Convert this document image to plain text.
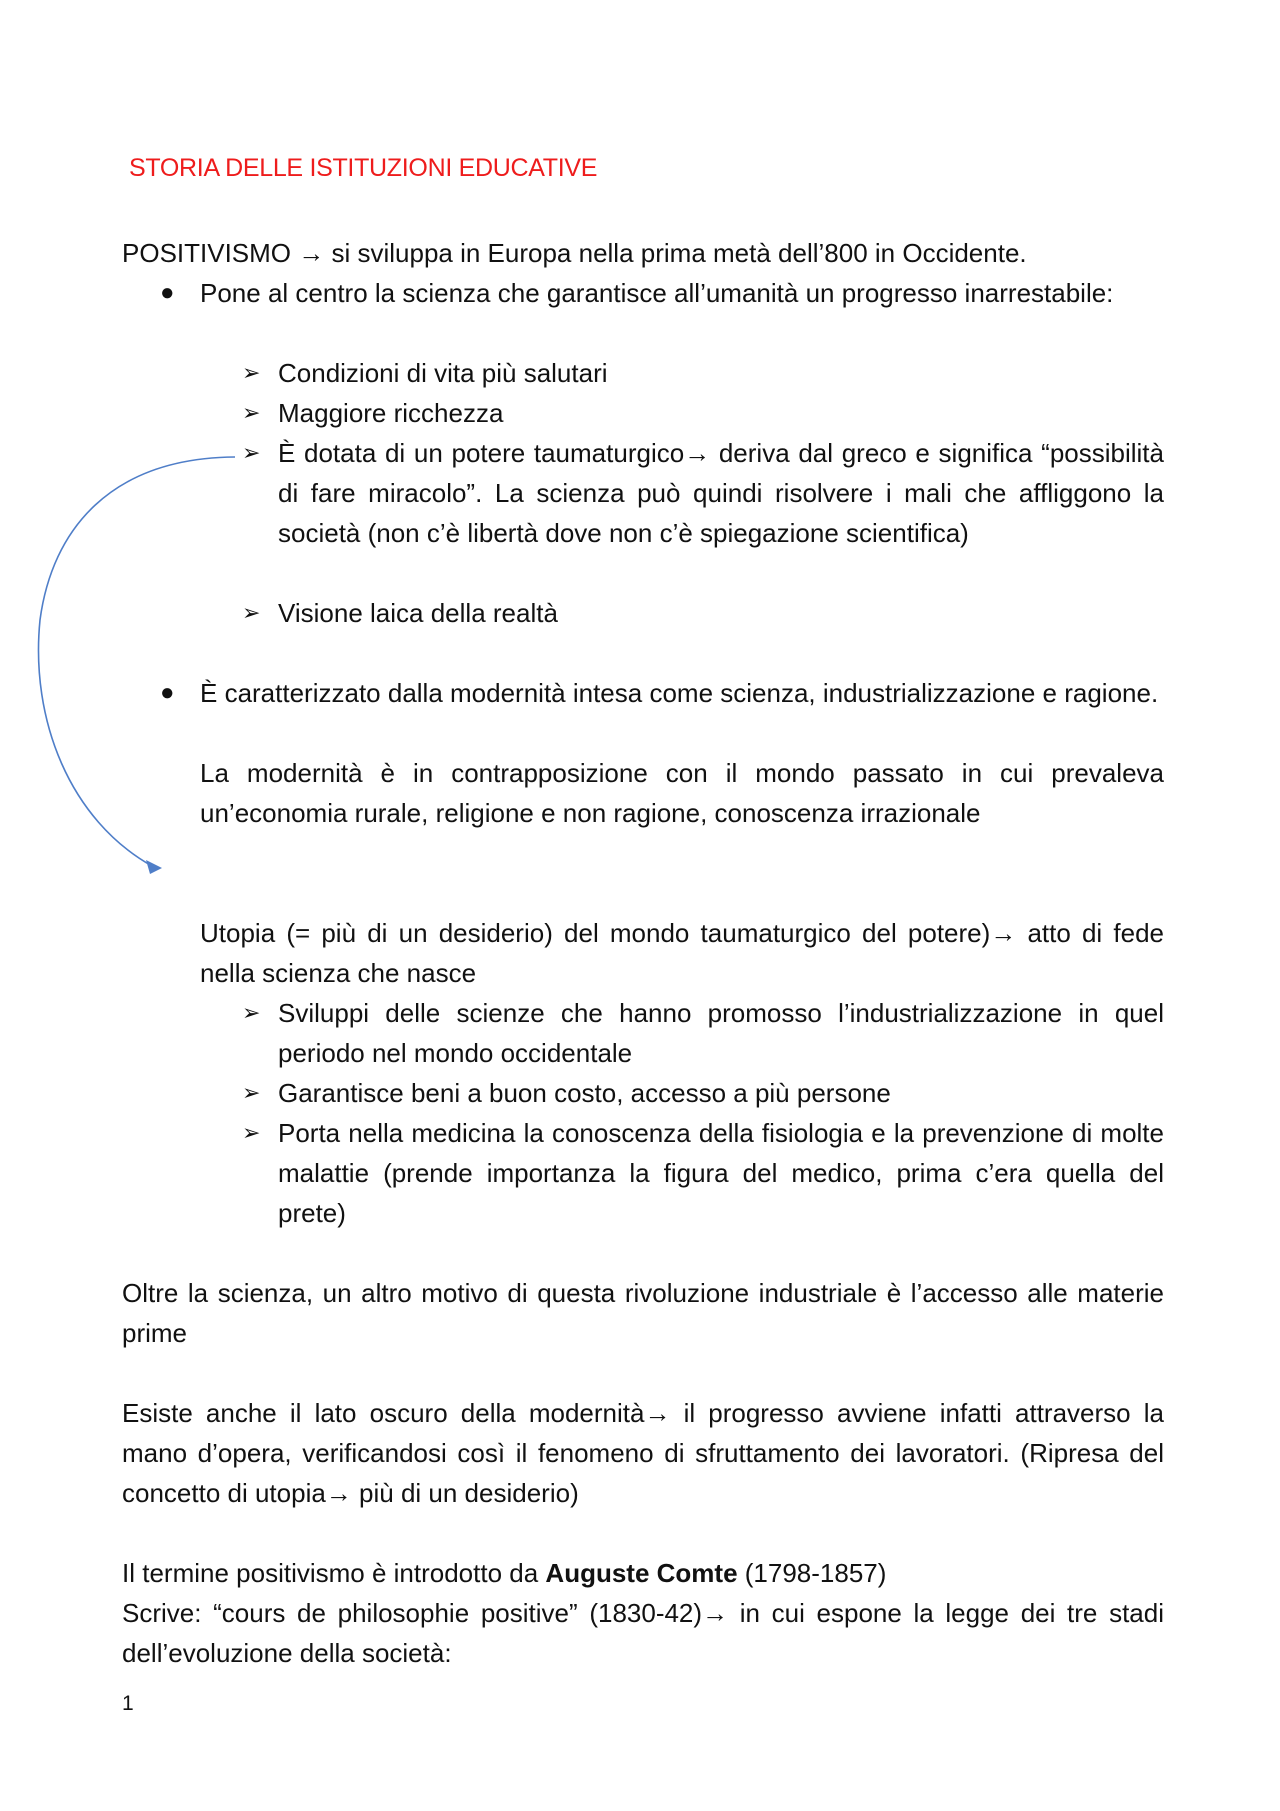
STORIA DELLE ISTITUZIONI EDUCATIVE
POSITIVISMO → si sviluppa in Europa nella prima metà dell’800 in Occidente.
● Pone al centro la scienza che garantisce all’umanità un progresso inarrestabile:
➢ Condizioni di vita più salutari
➢ Maggiore ricchezza
➢ È dotata di un potere taumaturgico→ deriva dal greco e significa “possibilità di fare miracolo”. La scienza può quindi risolvere i mali che affliggono la società (non c’è libertà dove non c’è spiegazione scientifica)
➢ Visione laica della realtà
● È caratterizzato dalla modernità intesa come scienza, industrializzazione e ragione.
La modernità è in contrapposizione con il mondo passato in cui prevaleva un’economia rurale, religione e non ragione, conoscenza irrazionale
Utopia (= più di un desiderio) del mondo taumaturgico del potere)→ atto di fede nella scienza che nasce
➢ Sviluppi delle scienze che hanno promosso l’industrializzazione in quel periodo nel mondo occidentale
➢ Garantisce beni a buon costo, accesso a più persone
➢ Porta nella medicina la conoscenza della fisiologia e la prevenzione di molte malattie (prende importanza la figura del medico, prima c’era quella del prete)
Oltre la scienza, un altro motivo di questa rivoluzione industriale è l’accesso alle materie prime
Esiste anche il lato oscuro della modernità→ il progresso avviene infatti attraverso la mano d’opera, verificandosi così il fenomeno di sfruttamento dei lavoratori. (Ripresa del concetto di utopia→ più di un desiderio)
Il termine positivismo è introdotto da Auguste Comte (1798-1857)
Scrive: “cours de philosophie positive” (1830-42)→ in cui espone la legge dei tre stadi dell’evoluzione della società:
1
